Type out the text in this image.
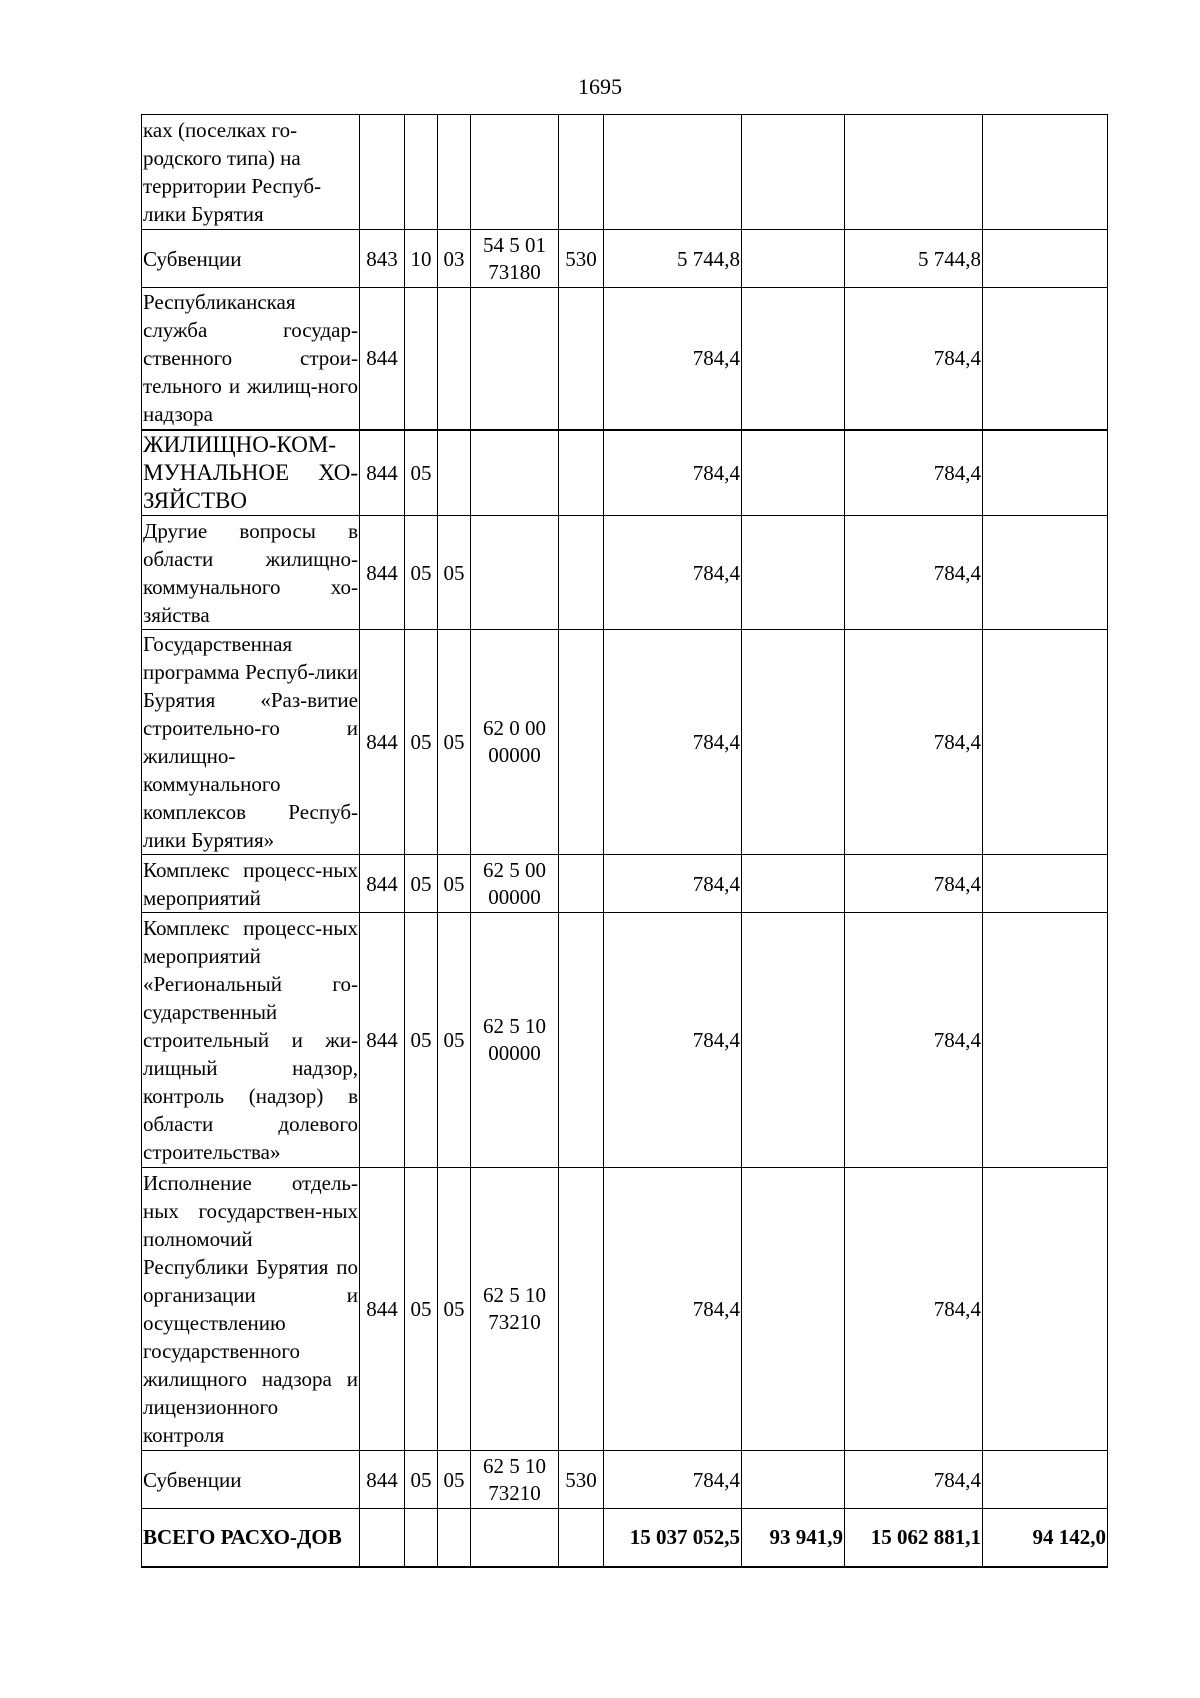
1695
ках (поселках го-
родского типа) на
территории Респуб-
лики Бурятия									
Субвенции	843	10	03	54 5 01 73180	530	5 744,8		5 744,8	
Республиканская служба государ-ственного строи-тельного и жилищ-ного надзора	844					784,4		784,4	
ЖИЛИЩНО-КОМ-МУНАЛЬНОЕ ХО-ЗЯЙСТВО	844	05				784,4		784,4	
Другие вопросы в области жилищно-коммунального хо-зяйства	844	05	05			784,4		784,4	
Государственная программа Респуб-лики Бурятия «Раз-витие строительно-го и жилищно-коммунального комплексов Респуб-лики Бурятия»	844	05	05	62 0 00 00000		784,4		784,4	
Комплекс процесс-ных мероприятий	844	05	05	62 5 00 00000		784,4		784,4	
Комплекс процесс-ных мероприятий «Региональный го-сударственный строительный и жи-лищный надзор, контроль (надзор) в области долевого строительства»	844	05	05	62 5 10 00000		784,4		784,4	
Исполнение отдель-ных государствен-ных полномочий Республики Бурятия по организации и осуществлению государственного жилищного надзора и лицензионного контроля	844	05	05	62 5 10 73210		784,4		784,4	
Субвенции	844	05	05	62 5 10 73210	530	784,4		784,4	
ВСЕГО РАСХО-ДОВ						15 037 052,5	93 941,9	15 062 881,1	94 142,0
